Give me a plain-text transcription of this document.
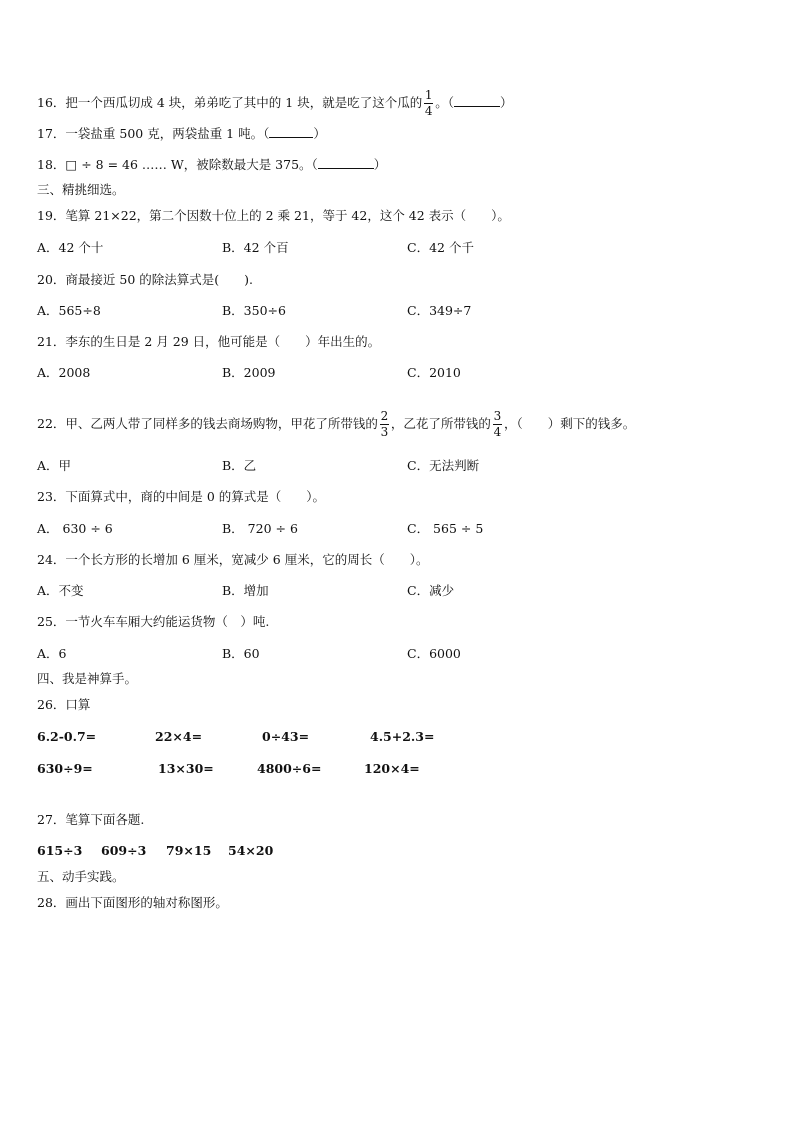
16．把一个西瓜切成 4 块，弟弟吃了其中的 1 块，就是吃了这个瓜的 $\frac{1}{4}$ 。（	）
17．一袋盐重 500 克，两袋盐重 1 吨。（	）
18．□ ÷ 8 = 46 …… W，被除数最大是 375。（	）
三、精挑细选。
19．笔算 21×22，第二个因数十位上的 2 乘 21，等于 42，这个 42 表示（　　）。
A．42 个十	B．42 个百	C．42 个千
20．商最接近 50 的除法算式是(　　).
A．565÷8	B．350÷6	C．349÷7
21．李东的生日是 2 月 29 日，他可能是（　　）年出生的。
A．2008	B．2009	C．2010
22．甲、乙两人带了同样多的钱去商场购物，甲花了所带钱的 $\frac{2}{3}$ ，乙花了所带钱的 $\frac{3}{4}$ ，（　　）剩下的钱多。
A．甲	B．乙	C．无法判断
23．下面算式中，商的中间是 0 的算式是（　　）。
A． 630 ÷ 6	B． 720 ÷ 6	C． 565 ÷ 5
24．一个长方形的长增加 6 厘米，宽减少 6 厘米，它的周长（　　）。
A．不变	B．增加	C．减少
25．一节火车车厢大约能运货物（　）吨.
A．6	B．60	C．6000
四、我是神算手。
26．口算
6.2-0.7=	22×4=	0÷43=	4.5+2.3=
630÷9=	13×30=	4800÷6=	120×4=
27．笔算下面各题.
615÷3 609÷3 79×15 54×20
五、动手实践。
28．画出下面图形的轴对称图形。
